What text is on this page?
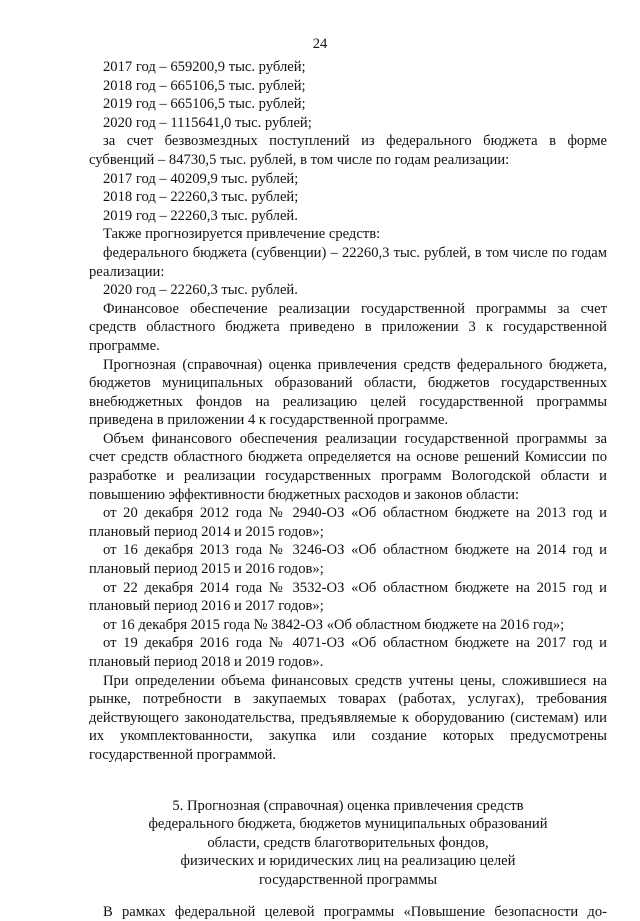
24

2017 год – 659200,9 тыс. рублей;

2018 год – 665106,5 тыс. рублей;

2019 год – 665106,5 тыс. рублей;

2020 год – 1115641,0 тыс. рублей;

за счет безвозмездных поступлений из федерального бюджета в форме субвенций – 84730,5 тыс. рублей, в том числе по годам реализации:

2017 год – 40209,9 тыс. рублей;

2018 год – 22260,3 тыс. рублей;

2019 год – 22260,3 тыс. рублей.

Также прогнозируется привлечение средств:

федерального бюджета (субвенции) – 22260,3 тыс. рублей, в том числе по годам реализации:

2020 год – 22260,3 тыс. рублей.

Финансовое обеспечение реализации государственной программы за счет средств областного бюджета приведено в приложении 3 к государственной программе.

Прогнозная (справочная) оценка привлечения средств федерального бюджета, бюджетов муниципальных образований области, бюджетов государственных внебюджетных фондов на реализацию целей государственной программы приведена в приложении 4 к государственной программе.

Объем финансового обеспечения реализации государственной программы за счет средств областного бюджета определяется на основе решений Комиссии по разработке и реализации государственных программ Вологодской области и повышению эффективности бюджетных расходов и законов области:

от 20 декабря 2012 года № 2940-ОЗ «Об областном бюджете на 2013 год и плановый период 2014 и 2015 годов»;

от 16 декабря 2013 года № 3246-ОЗ «Об областном бюджете на 2014 год и плановый период 2015 и 2016 годов»;

от 22 декабря 2014 года № 3532-ОЗ «Об областном бюджете на 2015 год и плановый период 2016 и 2017 годов»;

от 16 декабря 2015 года № 3842-ОЗ «Об областном бюджете на 2016 год»;

от 19 декабря 2016 года № 4071-ОЗ «Об областном бюджете на 2017 год и плановый период 2018 и 2019 годов».

При определении объема финансовых средств учтены цены, сложившиеся на рынке, потребности в закупаемых товарах (работах, услугах), требования действующего законодательства, предъявляемые к оборудованию (системам) или их укомплектованности, закупка или создание которых предусмотрены государственной программой.

5. Прогнозная (справочная) оценка привлечения средств
федерального бюджета, бюджетов муниципальных образований
области, средств благотворительных фондов,
физических и юридических лиц на реализацию целей
государственной программы

В рамках федеральной целевой программы «Повышение безопасности до-
